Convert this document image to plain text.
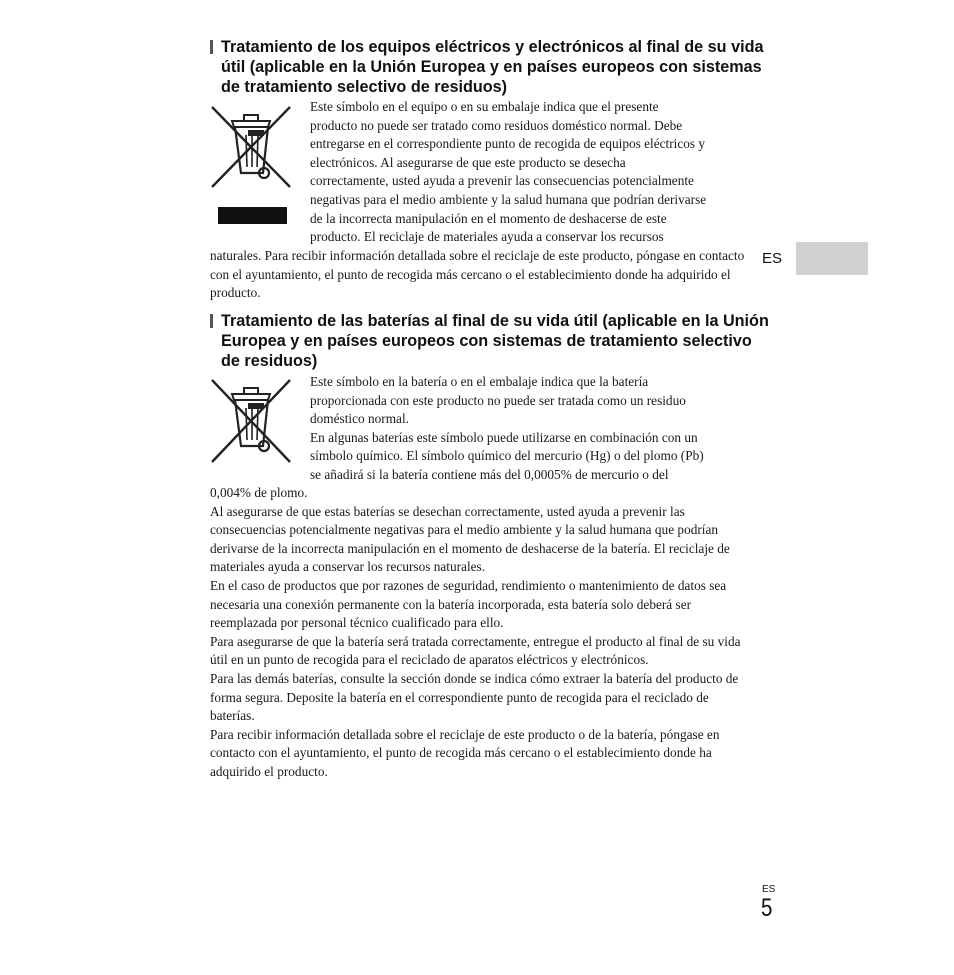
Tratamiento de los equipos eléctricos y electrónicos al final de su vida útil (aplicable en la Unión Europea y en países europeos con sistemas de tratamiento selectivo de residuos)
Este símbolo en el equipo o en su embalaje indica que el presente
producto no puede ser tratado como residuos doméstico normal. Debe
entregarse en el correspondiente punto de recogida de equipos eléctricos y
electrónicos. Al asegurarse de que este producto se desecha
correctamente, usted ayuda a prevenir las consecuencias potencialmente
negativas para el medio ambiente y la salud humana que podrían derivarse
de la incorrecta manipulación en el momento de deshacerse de este
producto. El reciclaje de materiales ayuda a conservar los recursos

naturales. Para recibir información detallada sobre el reciclaje de este producto, póngase en contacto con el ayuntamiento, el punto de recogida más cercano o el establecimiento donde ha adquirido el producto.

Tratamiento de las baterías al final de su vida útil (aplicable en la Unión Europea y en países europeos con sistemas de tratamiento selectivo de residuos)
Este símbolo en la batería o en el embalaje indica que la batería
proporcionada con este producto no puede ser tratada como un residuo
doméstico normal.
En algunas baterías este símbolo puede utilizarse en combinación con un
símbolo químico. El símbolo químico del mercurio (Hg) o del plomo (Pb)
se añadirá si la batería contiene más del 0,0005% de mercurio o del

0,004% de plomo.

Al asegurarse de que estas baterías se desechan correctamente, usted ayuda a prevenir las consecuencias potencialmente negativas para el medio ambiente y la salud humana que podrían derivarse de la incorrecta manipulación en el momento de deshacerse de la batería. El reciclaje de materiales ayuda a conservar los recursos naturales.

En el caso de productos que por razones de seguridad, rendimiento o mantenimiento de datos sea necesaria una conexión permanente con la batería incorporada, esta batería solo deberá ser reemplazada por personal técnico cualificado para ello.

Para asegurarse de que la batería será tratada correctamente, entregue el producto al final de su vida útil en un punto de recogida para el reciclado de aparatos eléctricos y electrónicos.

Para las demás baterías, consulte la sección donde se indica cómo extraer la batería del producto de forma segura. Deposite la batería en el correspondiente punto de recogida para el reciclado de baterías.

Para recibir información detallada sobre el reciclaje de este producto o de la batería, póngase en contacto con el ayuntamiento, el punto de recogida más cercano o el establecimiento donde ha adquirido el producto.

ES
ES
5
